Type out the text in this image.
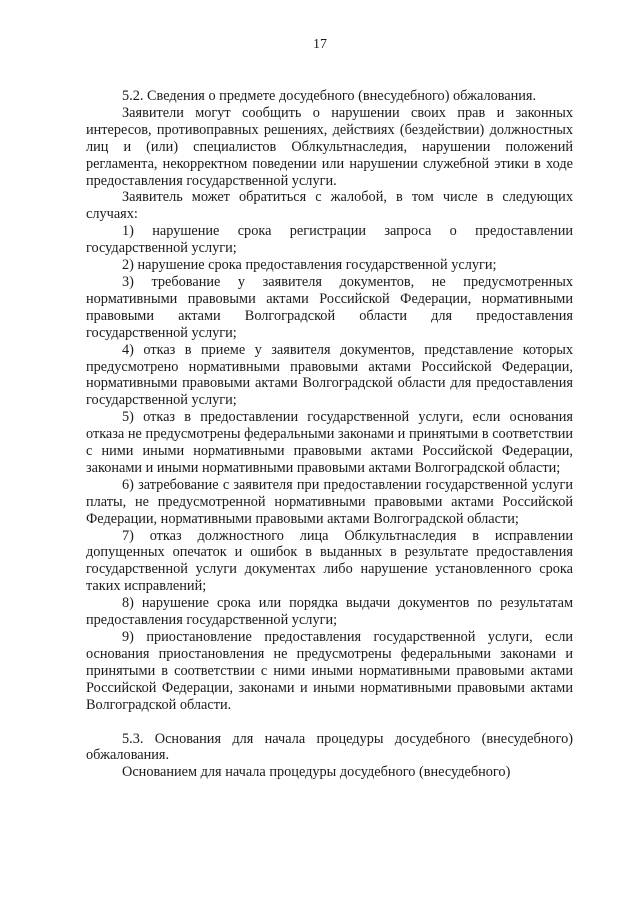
17

5.2. Сведения о предмете досудебного (внесудебного) обжалования.

Заявители могут сообщить о нарушении своих прав и законных интересов, противоправных решениях, действиях (бездействии) должностных лиц и (или) специалистов Облкультнаследия, нарушении положений регламента, некорректном поведении или нарушении служебной этики в ходе предоставления государственной услуги.

Заявитель может обратиться с жалобой, в том числе в следующих случаях:

1) нарушение срока регистрации запроса о предоставлении государственной услуги;

2) нарушение срока предоставления государственной услуги;

3) требование у заявителя документов, не предусмотренных нормативными правовыми актами Российской Федерации, нормативными правовыми актами Волгоградской области для предоставления государственной услуги;

4) отказ в приеме у заявителя документов, представление которых предусмотрено нормативными правовыми актами Российской Федерации, нормативными правовыми актами Волгоградской области для предоставления государственной услуги;

5) отказ в предоставлении государственной услуги, если основания отказа не предусмотрены федеральными законами и принятыми в соответствии с ними иными нормативными правовыми актами Российской Федерации, законами и иными нормативными правовыми актами Волгоградской области;

6) затребование с заявителя при предоставлении государственной услуги платы, не предусмотренной нормативными правовыми актами Российской Федерации, нормативными правовыми актами Волгоградской области;

7) отказ должностного лица Облкультнаследия в исправлении допущенных опечаток и ошибок в выданных в результате предоставления государственной услуги документах либо нарушение установленного срока таких исправлений;

8) нарушение срока или порядка выдачи документов по результатам предоставления государственной услуги;

9) приостановление предоставления государственной услуги, если основания приостановления не предусмотрены федеральными законами и принятыми в соответствии с ними иными нормативными правовыми актами Российской Федерации, законами и иными нормативными правовыми актами Волгоградской области.

5.3. Основания для начала процедуры досудебного (внесудебного) обжалования.

Основанием для начала процедуры досудебного (внесудебного)
